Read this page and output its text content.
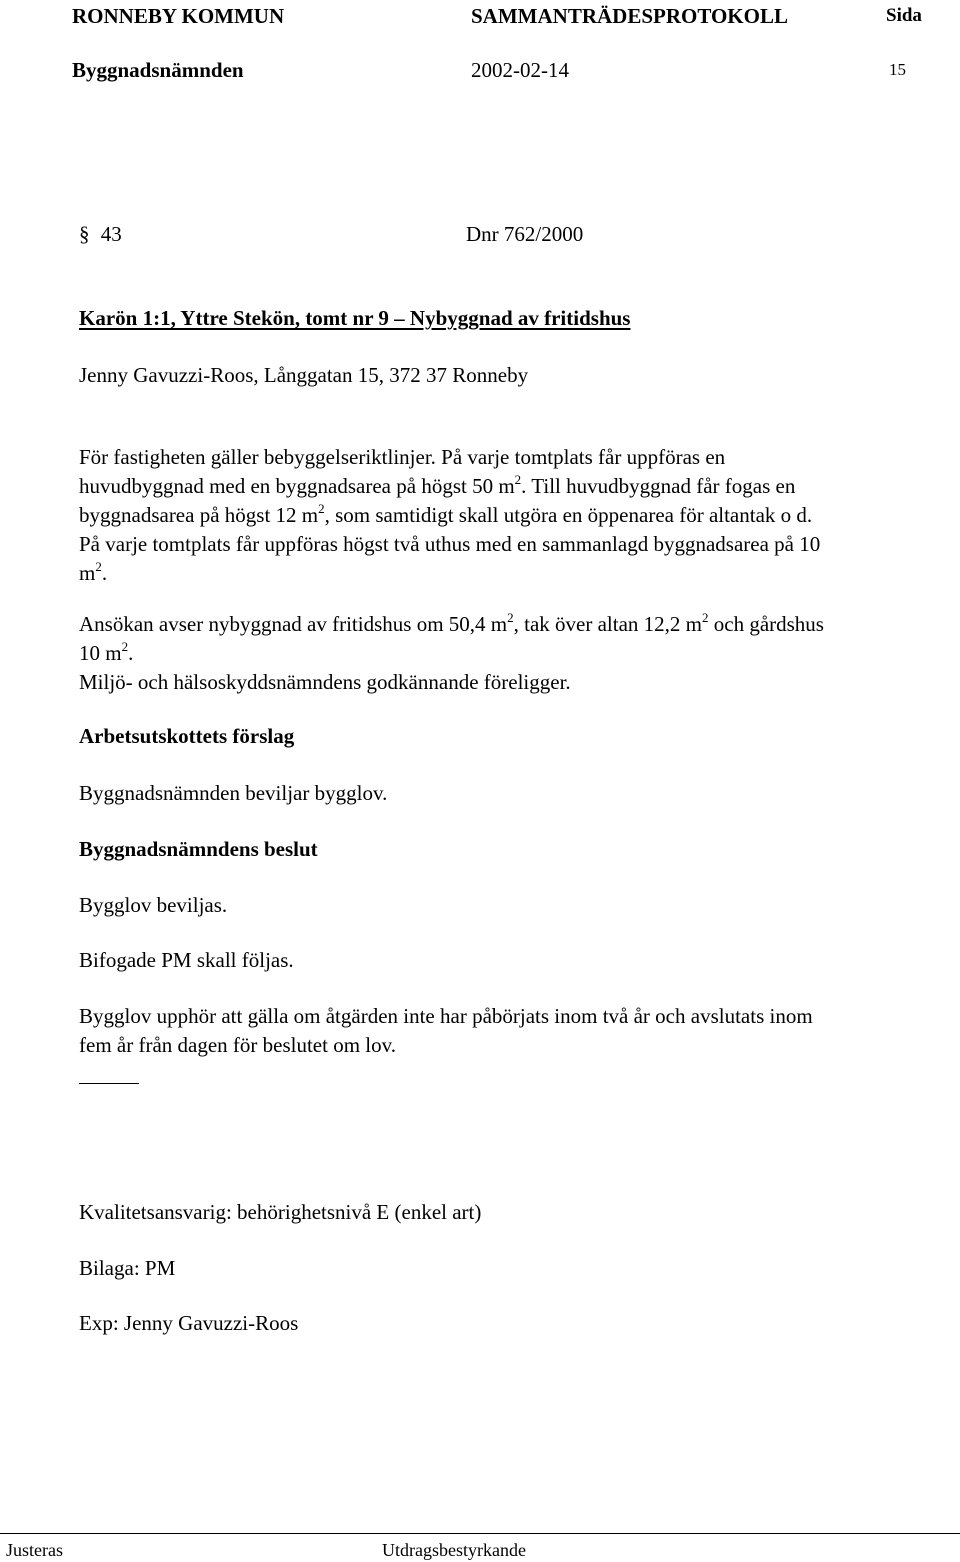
RONNEBY KOMMUN	SAMMANTRÄDESPROTOKOLL	Sida
Byggnadsnämnden	2002-02-14	15
§ 43	Dnr 762/2000
Karön 1:1, Yttre Stekön, tomt nr 9 – Nybyggnad av fritidshus
Jenny Gavuzzi-Roos, Långgatan 15, 372 37 Ronneby
För fastigheten gäller bebyggelseriktlinjer. På varje tomtplats får uppföras en
huvudbyggnad med en byggnadsarea på högst 50 $m^2$. Till huvudbyggnad får fogas en
byggnadsarea på högst 12 $m^2$, som samtidigt skall utgöra en öppenarea för altantak o d.
På varje tomtplats får uppföras högst två uthus med en sammanlagd byggnadsarea på 10
$m^2$.
Ansökan avser nybyggnad av fritidshus om 50,4 $m^2$, tak över altan 12,2 $m^2$ och gårdshus
10 $m^2$.
Miljö- och hälsoskyddsnämndens godkännande föreligger.
Arbetsutskottets förslag
Byggnadsnämnden beviljar bygglov.
Byggnadsnämndens beslut
Bygglov beviljas.
Bifogade PM skall följas.
Bygglov upphör att gälla om åtgärden inte har påbörjats inom två år och avslutats inom
fem år från dagen för beslutet om lov.
Kvalitetsansvarig: behörighetsnivå E (enkel art)
Bilaga: PM
Exp: Jenny Gavuzzi-Roos
Justeras	Utdragsbestyrkande
